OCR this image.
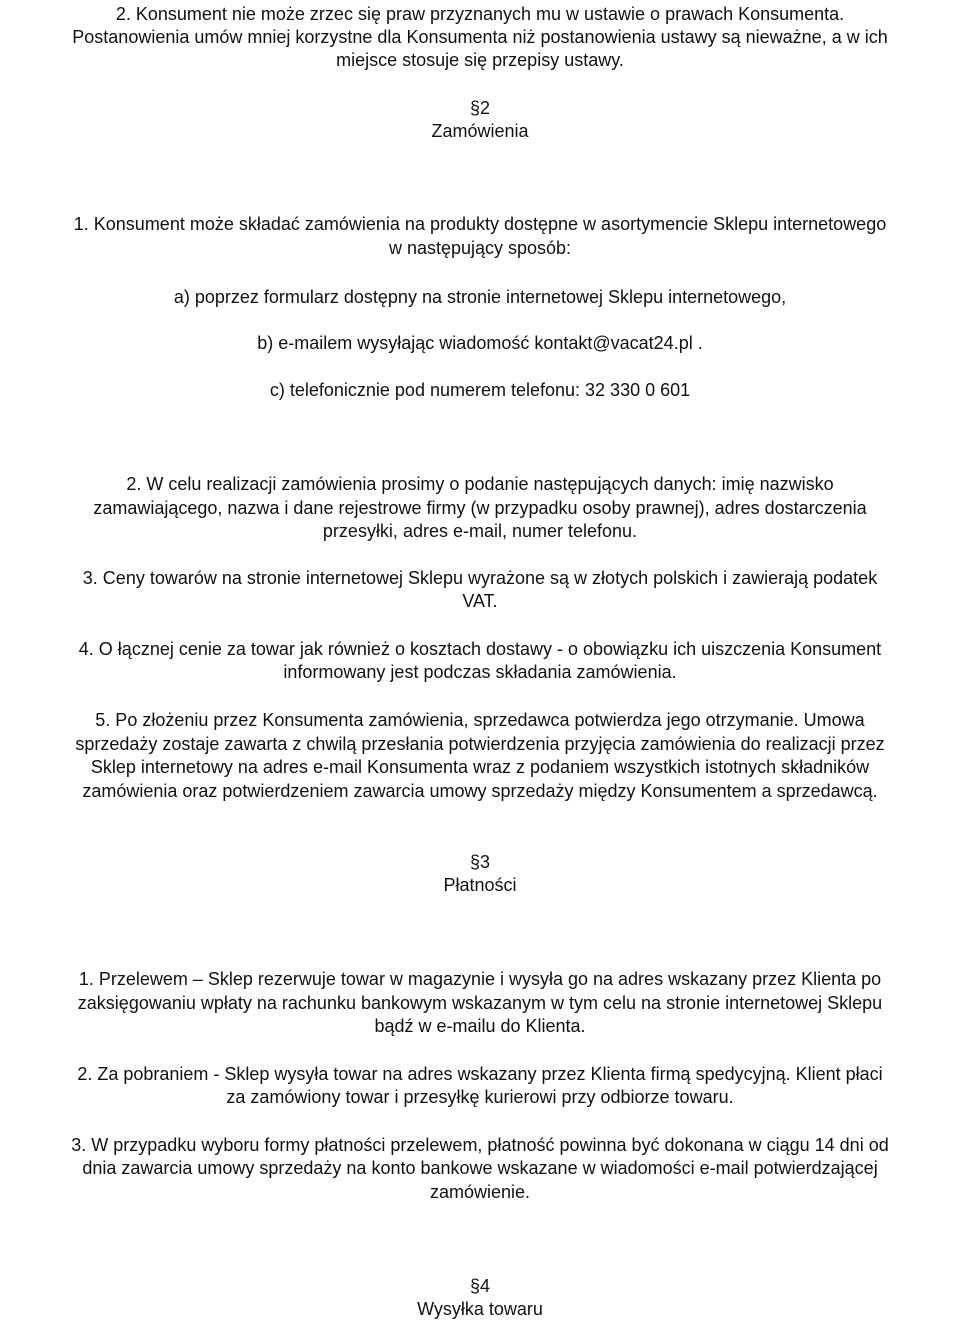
2. Konsument nie może zrzec się praw przyznanych mu w ustawie o prawach Konsumenta.

Postanowienia umów mniej korzystne dla Konsumenta niż postanowienia ustawy są nieważne, a w ich

miejsce stosuje się przepisy ustawy.

§2

Zamówienia

1. Konsument może składać zamówienia na produkty dostępne w asortymencie Sklepu internetowego

w następujący sposób:

a) poprzez formularz dostępny na stronie internetowej Sklepu internetowego,

b) e-mailem wysyłając wiadomość kontakt@vacat24.pl .

c) telefonicznie pod numerem telefonu: 32 330 0 601

2. W celu realizacji zamówienia prosimy o podanie następujących danych: imię nazwisko

zamawiającego, nazwa i dane rejestrowe firmy (w przypadku osoby prawnej), adres dostarczenia

przesyłki, adres e-mail, numer telefonu.

3. Ceny towarów na stronie internetowej Sklepu wyrażone są w złotych polskich i zawierają podatek

VAT.

4. O łącznej cenie za towar jak również o kosztach dostawy - o obowiązku ich uiszczenia Konsument

informowany jest podczas składania zamówienia.

5. Po złożeniu przez Konsumenta zamówienia, sprzedawca potwierdza jego otrzymanie. Umowa

sprzedaży zostaje zawarta z chwilą przesłania potwierdzenia przyjęcia zamówienia do realizacji przez

Sklep internetowy na adres e-mail Konsumenta wraz z podaniem wszystkich istotnych składników

zamówienia oraz potwierdzeniem zawarcia umowy sprzedaży między Konsumentem a sprzedawcą.

§3

Płatności

1. Przelewem – Sklep rezerwuje towar w magazynie i wysyła go na adres wskazany przez Klienta po

zaksięgowaniu wpłaty na rachunku bankowym wskazanym w tym celu na stronie internetowej Sklepu

bądź w e-mailu do Klienta.

2. Za pobraniem - Sklep wysyła towar na adres wskazany przez Klienta firmą spedycyjną. Klient płaci

za zamówiony towar i przesyłkę kurierowi przy odbiorze towaru.

3. W przypadku wyboru formy płatności przelewem, płatność powinna być dokonana w ciągu 14 dni od

dnia zawarcia umowy sprzedaży na konto bankowe wskazane w wiadomości e-mail potwierdzającej

zamówienie.

§4

Wysyłka towaru
